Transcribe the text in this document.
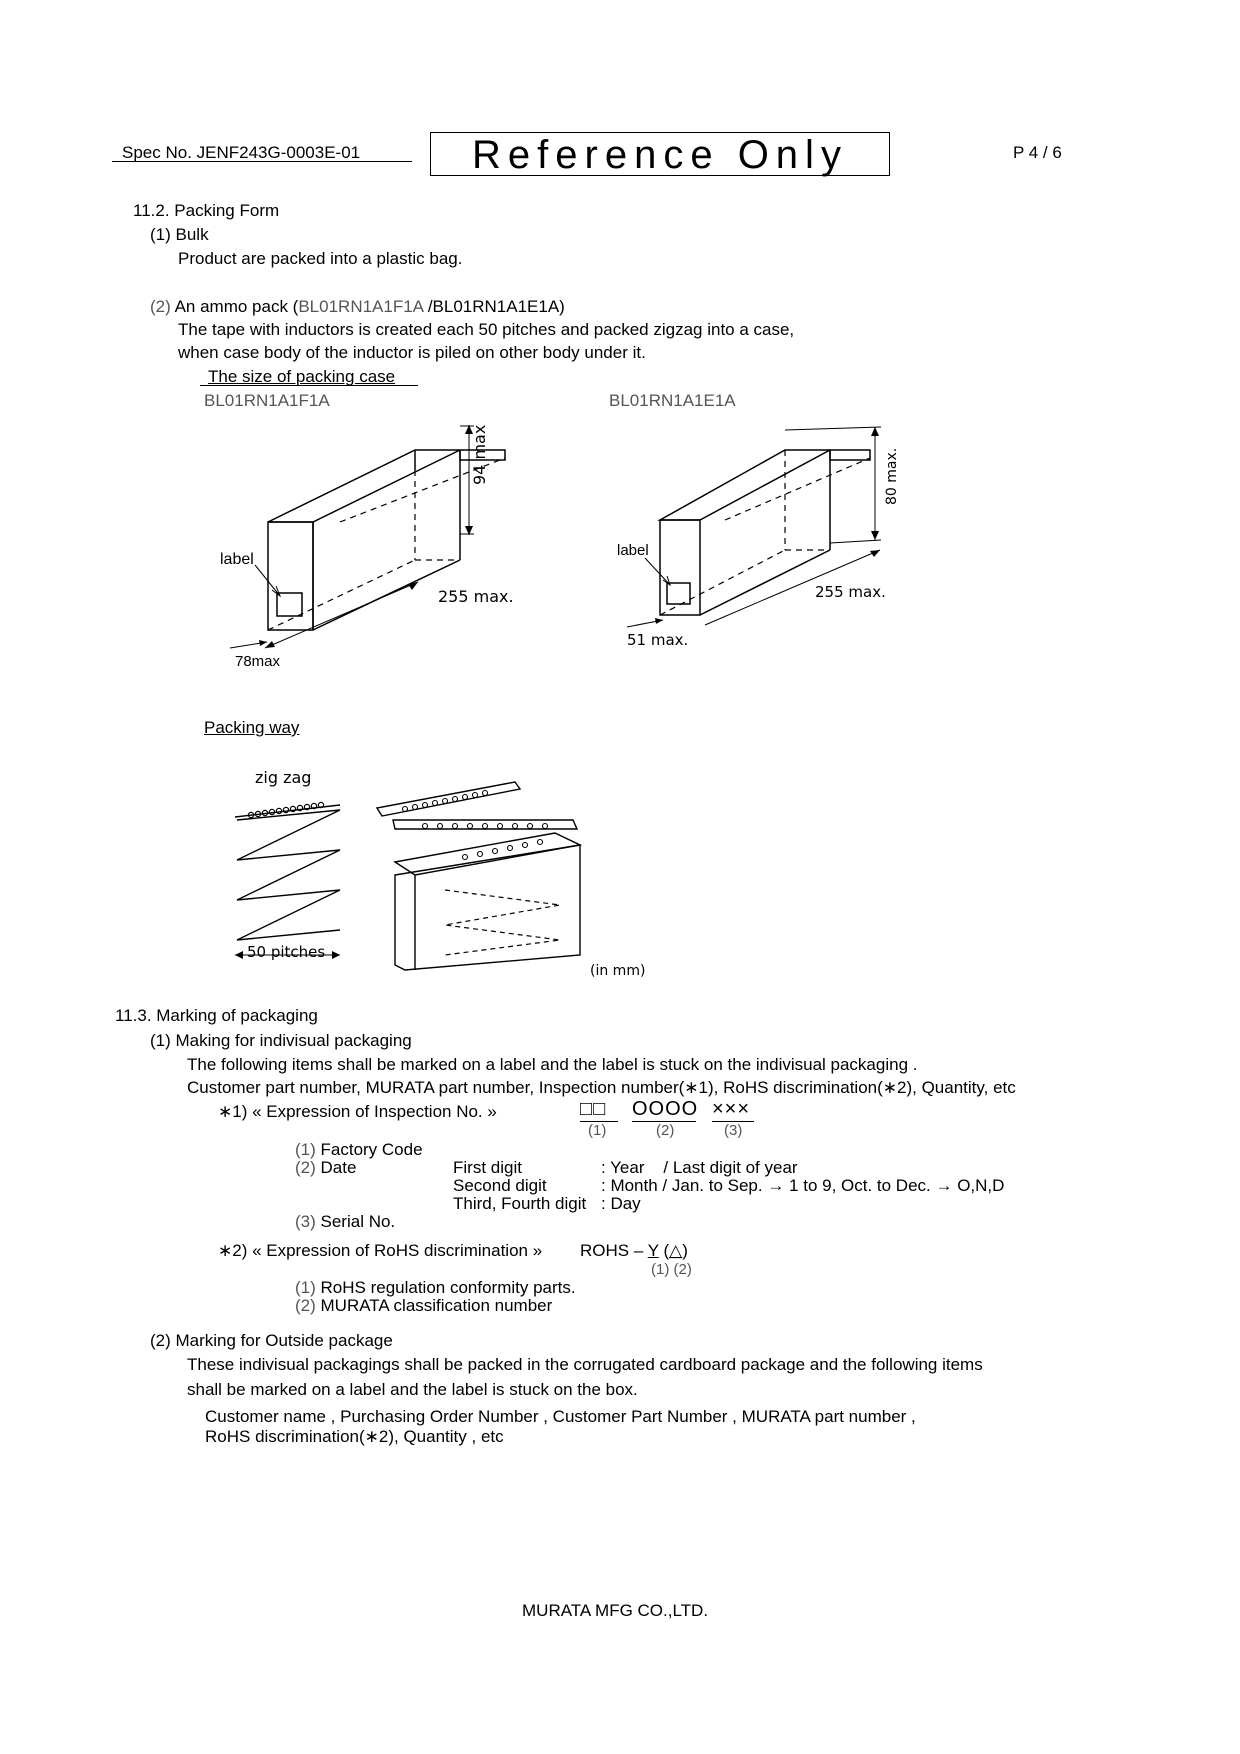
Spec No. JENF243G-0003E-01	Reference Only	P 4 / 6
11.2. Packing Form
(1) Bulk
Product are packed into a plastic bag.
(2) An ammo pack (BL01RN1A1F1A /BL01RN1A1E1A)
The tape with inductors is created each 50 pitches and packed zigzag into a case,
when case body of the inductor is piled on other body under it.
The size of packing case
BL01RN1A1F1A	BL01RN1A1E1A
label
94 max
255 max.
78max
label
80 max.
255 max.
51 max.
Packing way
zig zag
50 pitches
(in mm)
11.3. Marking of packaging
(1) Making for indivisual packaging
The following items shall be marked on a label and the label is stuck on the indivisual packaging .
Customer part number, MURATA part number, Inspection number(∗1), RoHS discrimination(∗2), Quantity, etc
∗1) « Expression of Inspection No. »	□□ OOOO ×××
(1)	(2)	(3)
(1) Factory Code
(2) Date	First digit	: Year    / Last digit of year
Second digit	: Month / Jan. to Sep. → 1 to 9, Oct. to Dec. → O,N,D
Third, Fourth digit : Day
(3) Serial No.
∗2) « Expression of RoHS discrimination » ROHS – Y (△)
(1) (2)
(1) RoHS regulation conformity parts.
(2) MURATA classification number
(2) Marking for Outside package
These indivisual packagings shall be packed in the corrugated cardboard package and the following items
shall be marked on a label and the label is stuck on the box.
Customer name , Purchasing Order Number , Customer Part Number , MURATA part number ,
RoHS discrimination(∗2), Quantity , etc
MURATA MFG CO.,LTD.
